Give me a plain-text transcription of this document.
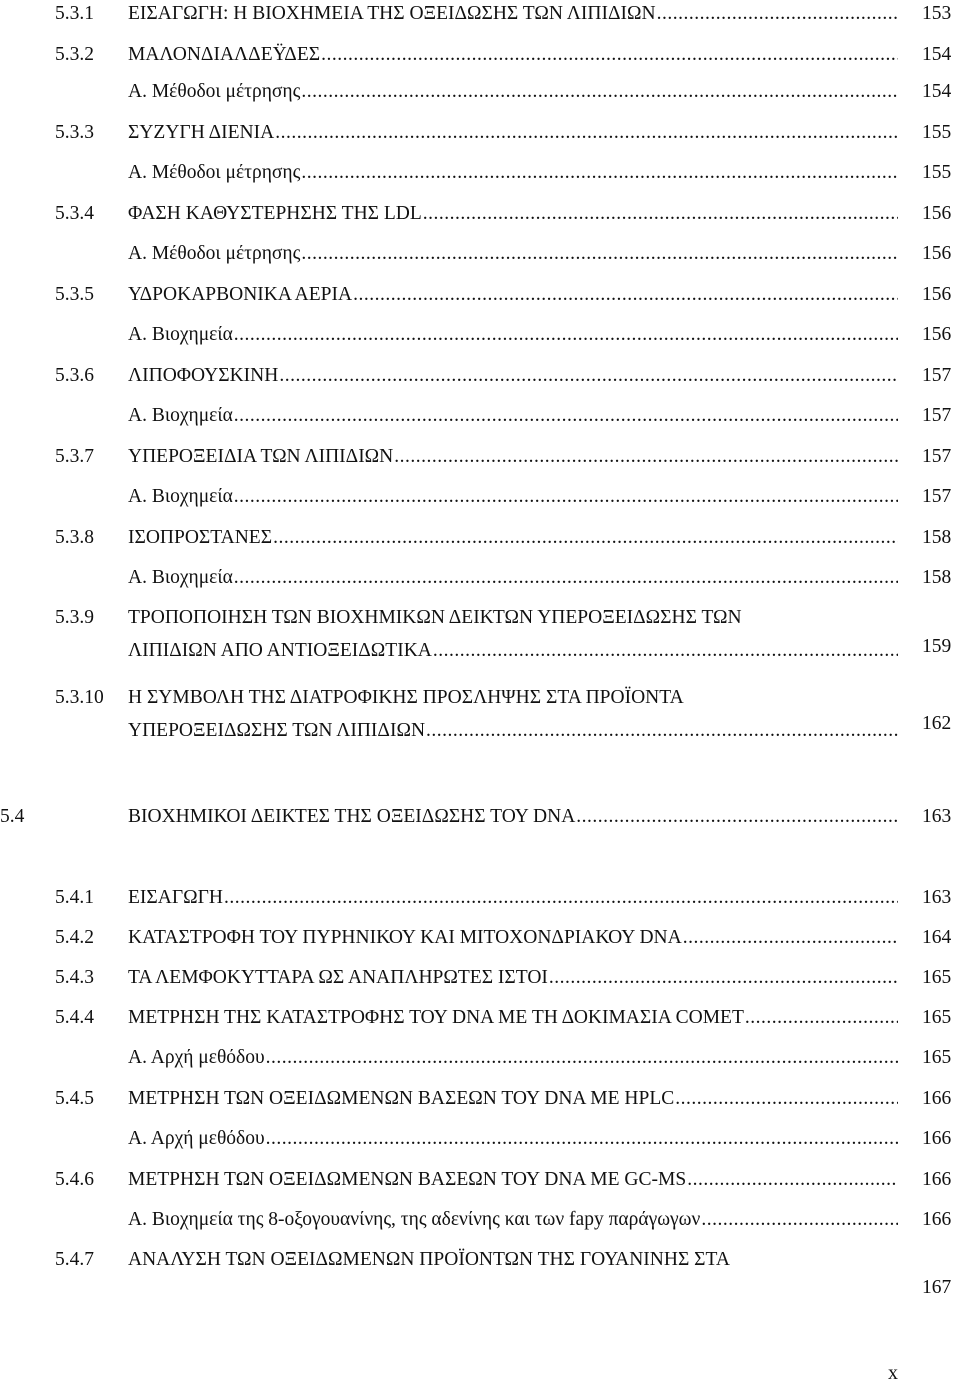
5.3.1 ΕΙΣΑΓΩΓΗ: Η ΒΙΟΧΗΜΕΙΑ ΤΗΣ ΟΞΕΙΔΩΣΗΣ ΤΩΝ ΛΙΠΙΔΙΩΝ .....	153
5.3.2 ΜΑΛΟΝΔΙΑΛΔΕΫΔΕΣ .....	154
Α. Μέθοδοι μέτρησης .....	154
5.3.3 ΣΥΖΥΓΗ ΔΙΕΝΙΑ .....	155
Α. Μέθοδοι μέτρησης .....	155
5.3.4 ΦΑΣΗ ΚΑΘΥΣΤΕΡΗΣΗΣ ΤΗΣ LDL .....	156
Α. Μέθοδοι μέτρησης .....	156
5.3.5 ΥΔΡΟΚΑΡΒΟΝΙΚΑ ΑΕΡΙΑ .....	156
Α. Βιοχημεία .....	156
5.3.6 ΛΙΠΟΦΟΥΣΚΙΝΗ .....	157
Α. Βιοχημεία .....	157
5.3.7 ΥΠΕΡΟΞΕΙΔΙΑ ΤΩΝ ΛΙΠΙΔΙΩΝ .....	157
Α. Βιοχημεία .....	157
5.3.8 ΙΣΟΠΡΟΣΤΑΝΕΣ .....	158
Α. Βιοχημεία .....	158
5.3.9 ΤΡΟΠΟΠΟΙΗΣΗ ΤΩΝ ΒΙΟΧΗΜΙΚΩΝ ΔΕΙΚΤΩΝ ΥΠΕΡΟΞΕΙΔΩΣΗΣ ΤΩΝ
ΛΙΠΙΔΙΩΝ ΑΠΟ ΑΝΤΙΟΞΕΙΔΩΤΙΚΑ .....	159
5.3.10 Η ΣΥΜΒΟΛΗ ΤΗΣ ΔΙΑΤΡΟΦΙΚΗΣ ΠΡΟΣΛΗΨΗΣ ΣΤΑ ΠΡΟΪΟΝΤΑ
ΥΠΕΡΟΞΕΙΔΩΣΗΣ ΤΩΝ ΛΙΠΙΔΙΩΝ .....	162
5.4	ΒΙΟΧΗΜΙΚΟΙ ΔΕΙΚΤΕΣ ΤΗΣ ΟΞΕΙΔΩΣΗΣ ΤΟΥ DNA .....	163
5.4.1 ΕΙΣΑΓΩΓΗ .....	163
5.4.2 ΚΑΤΑΣΤΡΟΦΗ ΤΟΥ ΠΥΡΗΝΙΚΟΥ ΚΑΙ ΜΙΤΟΧΟΝΔΡΙΑΚΟΥ DNA .....	164
5.4.3 ΤΑ ΛΕΜΦΟΚΥΤΤΑΡΑ ΩΣ ΑΝΑΠΛΗΡΩΤΕΣ ΙΣΤΟΙ .....	165
5.4.4 ΜΕΤΡΗΣΗ ΤΗΣ ΚΑΤΑΣΤΡΟΦΗΣ ΤΟΥ DNA ΜΕ ΤΗ ΔΟΚΙΜΑΣΙΑ COMET .....	165
Α. Αρχή μεθόδου .....	165
5.4.5 ΜΕΤΡΗΣΗ ΤΩΝ ΟΞΕΙΔΩΜΕΝΩΝ ΒΑΣΕΩΝ ΤΟΥ DNA ΜΕ HPLC .....	166
Α. Αρχή μεθόδου .....	166
5.4.6 ΜΕΤΡΗΣΗ ΤΩΝ ΟΞΕΙΔΩΜΕΝΩΝ ΒΑΣΕΩΝ ΤΟΥ DNA ΜΕ GC-MS .....	166
Α. Βιοχημεία της 8-οξογουανίνης, της αδενίνης και των fapy παράγωγων .....	166
5.4.7 ΑΝΑΛΥΣΗ ΤΩΝ ΟΞΕΙΔΩΜΕΝΩΝ ΠΡΟΪΟΝΤΩΝ ΤΗΣ ΓΟΥΑΝΙΝΗΣ ΣΤΑ
167
x
